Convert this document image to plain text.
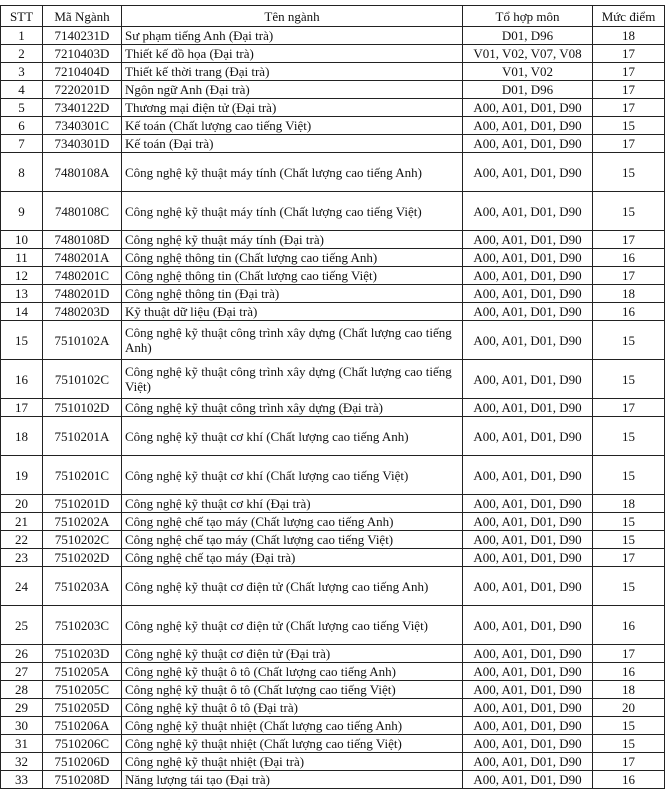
STT	Mã Ngành	Tên ngành	Tổ hợp môn	Mức điểm
1	7140231D	Sư phạm tiếng Anh (Đại trà)	D01, D96	18
2	7210403D	Thiết kế đồ họa (Đại trà)	V01, V02, V07, V08	17
3	7210404D	Thiết kế thời trang (Đại trà)	V01, V02	17
4	7220201D	Ngôn ngữ Anh (Đại trà)	D01, D96	17
5	7340122D	Thương mại điện tử (Đại trà)	A00, A01, D01, D90	17
6	7340301C	Kế toán (Chất lượng cao tiếng Việt)	A00, A01, D01, D90	15
7	7340301D	Kế toán (Đại trà)	A00, A01, D01, D90	17
8	7480108A	Công nghệ kỹ thuật máy tính (Chất lượng cao tiếng Anh)	A00, A01, D01, D90	15
9	7480108C	Công nghệ kỹ thuật máy tính (Chất lượng cao tiếng Việt)	A00, A01, D01, D90	15
10	7480108D	Công nghệ kỹ thuật máy tính (Đại trà)	A00, A01, D01, D90	17
11	7480201A	Công nghệ thông tin (Chất lượng cao tiếng Anh)	A00, A01, D01, D90	16
12	7480201C	Công nghệ thông tin (Chất lượng cao tiếng Việt)	A00, A01, D01, D90	17
13	7480201D	Công nghệ thông tin (Đại trà)	A00, A01, D01, D90	18
14	7480203D	Kỹ thuật dữ liệu (Đại trà)	A00, A01, D01, D90	16
15	7510102A	Công nghệ kỹ thuật công trình xây dựng (Chất lượng cao tiếng Anh)	A00, A01, D01, D90	15
16	7510102C	Công nghệ kỹ thuật công trình xây dựng (Chất lượng cao tiếng Việt)	A00, A01, D01, D90	15
17	7510102D	Công nghệ kỹ thuật công trình xây dựng (Đại trà)	A00, A01, D01, D90	17
18	7510201A	Công nghệ kỹ thuật cơ khí (Chất lượng cao tiếng Anh)	A00, A01, D01, D90	15
19	7510201C	Công nghệ kỹ thuật cơ khí (Chất lượng cao tiếng Việt)	A00, A01, D01, D90	15
20	7510201D	Công nghệ kỹ thuật cơ khí (Đại trà)	A00, A01, D01, D90	18
21	7510202A	Công nghệ chế tạo máy (Chất lượng cao tiếng Anh)	A00, A01, D01, D90	15
22	7510202C	Công nghệ chế tạo máy (Chất lượng cao tiếng Việt)	A00, A01, D01, D90	15
23	7510202D	Công nghệ chế tạo máy (Đại trà)	A00, A01, D01, D90	17
24	7510203A	Công nghệ kỹ thuật cơ điện tử (Chất lượng cao tiếng Anh)	A00, A01, D01, D90	15
25	7510203C	Công nghệ kỹ thuật cơ điện tử (Chất lượng cao tiếng Việt)	A00, A01, D01, D90	16
26	7510203D	Công nghệ kỹ thuật cơ điện tử (Đại trà)	A00, A01, D01, D90	17
27	7510205A	Công nghệ kỹ thuật ô tô (Chất lượng cao tiếng Anh)	A00, A01, D01, D90	16
28	7510205C	Công nghệ kỹ thuật ô tô (Chất lượng cao tiếng Việt)	A00, A01, D01, D90	18
29	7510205D	Công nghệ kỹ thuật ô tô (Đại trà)	A00, A01, D01, D90	20
30	7510206A	Công nghệ kỹ thuật nhiệt (Chất lượng cao tiếng Anh)	A00, A01, D01, D90	15
31	7510206C	Công nghệ kỹ thuật nhiệt (Chất lượng cao tiếng Việt)	A00, A01, D01, D90	15
32	7510206D	Công nghệ kỹ thuật nhiệt (Đại trà)	A00, A01, D01, D90	17
33	7510208D	Năng lượng tái tạo (Đại trà)	A00, A01, D01, D90	16
